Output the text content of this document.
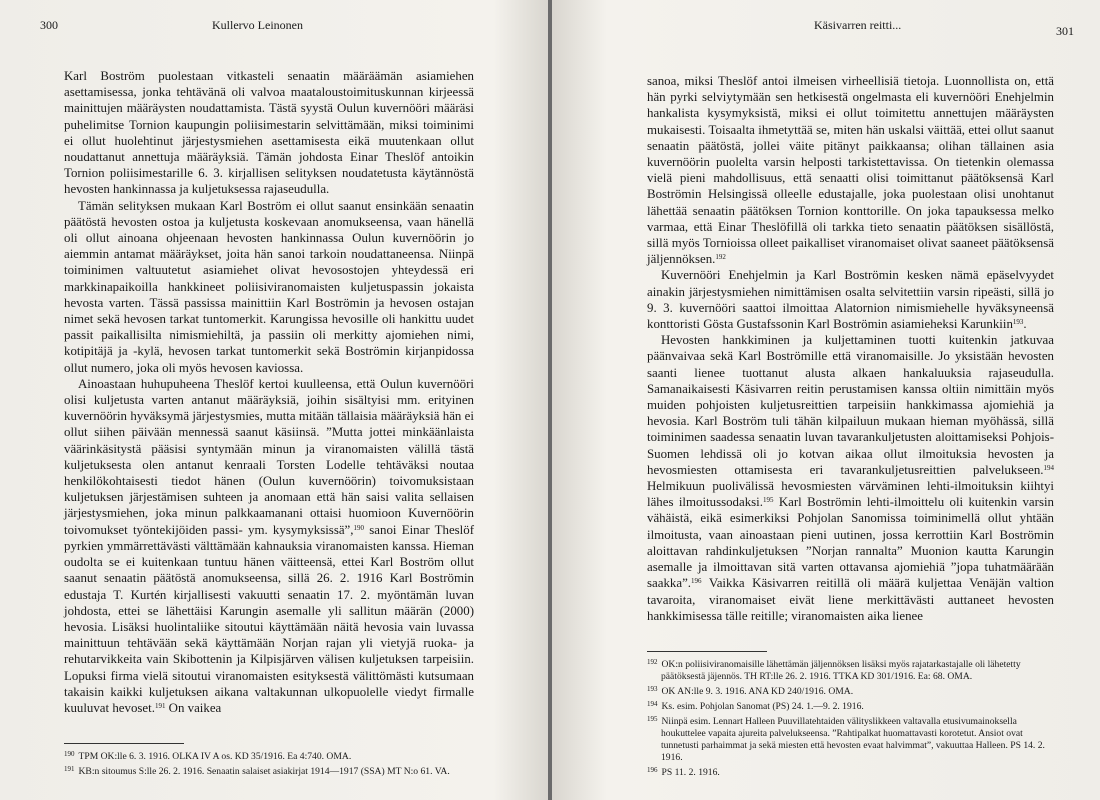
300	Kullervo Leinonen

Karl Boström puolestaan vitkasteli senaatin määräämän asiamiehen asettamisessa, jonka tehtävänä oli valvoa maataloustoimituskunnan kirjeessä mainittujen määräysten noudattamista. Tästä syystä Oulun kuvernööri määräsi puhelimitse Tornion kaupungin poliisimestarin selvittämään, miksi toiminimi ei ollut huolehtinut järjestysmiehen asettamisesta eikä muutenkaan ollut noudattanut annettuja määräyksiä. Tämän johdosta Einar Theslöf antoikin Tornion poliisimestarille 6. 3. kirjallisen selityksen noudatetusta käytännöstä hevosten hankinnassa ja kuljetuksessa rajaseudulla.

Tämän selityksen mukaan Karl Boström ei ollut saanut ensinkään senaatin päätöstä hevosten ostoa ja kuljetusta koskevaan anomukseensa, vaan hänellä oli ollut ainoana ohjeenaan hevosten hankinnassa Oulun kuvernöörin jo aiemmin antamat määräykset, joita hän sanoi tarkoin noudattaneensa. Niinpä toiminimen valtuutetut asiamiehet olivat hevosostojen yhteydessä eri markkinapaikoilla hankkineet poliisiviranomaisten kuljetuspassin jokaista hevosta varten. Tässä passissa mainittiin Karl Boströmin ja hevosen ostajan nimet sekä hevosen tarkat tuntomerkit. Karungissa hevosille oli hankittu uudet passit paikallisilta nimismiehiltä, ja passiin oli merkitty ajomiehen nimi, kotipitäjä ja -kylä, hevosen tarkat tuntomerkit sekä Boströmin kirjanpidossa ollut numero, joka oli myös hevosen kaviossa.

Ainoastaan huhupuheena Theslöf kertoi kuulleensa, että Oulun kuvernööri olisi kuljetusta varten antanut määräyksiä, joihin sisältyisi mm. erityinen kuvernöörin hyväksymä järjestysmies, mutta mitään tällaisia määräyksiä hän ei ollut siihen päivään mennessä saanut käsiinsä. ”Mutta jottei minkäänlaista väärinkäsitystä pääsisi syntymään minun ja viranomaisten välillä tästä kuljetuksesta olen antanut kenraali Torsten Lodelle tehtäväksi noutaa henkilökohtaisesti tiedot hänen (Oulun kuvernöörin) toivomuksistaan kuljetuksen järjestämisen suhteen ja anomaan että hän saisi valita sellaisen järjestysmiehen, joka minun palkkaamanani ottaisi huomioon Kuvernöörin toivomukset työntekijöiden passi- ym. kysymyksissä”,$^{190}$ sanoi Einar Theslöf pyrkien ymmärrettävästi välttämään kahnauksia viranomaisten kanssa. Hieman oudolta se ei kuitenkaan tuntuu hänen väitteensä, ettei Karl Boström ollut saanut senaatin päätöstä anomukseensa, sillä 26. 2. 1916 Karl Boströmin edustaja T. Kurtén kirjallisesti vakuutti senaatin 17. 2. myöntämän luvan johdosta, ettei se lähettäisi Karungin asemalle yli sallitun määrän (2000) hevosia. Lisäksi huolintaliike sitoutui käyttämään näitä hevosia vain luvassa mainittuun tehtävään sekä käyttämään Norjan rajan yli vietyjä ruoka- ja rehutarvikkeita vain Skibottenin ja Kilpisjärven välisen kuljetuksen tarpeisiin. Lopuksi firma vielä sitoutui viranomaisten esityksestä välittömästi kutsumaan takaisin kaikki kuljetuksen aikana valtakunnan ulkopuolelle viedyt firmalle kuuluvat hevoset.$^{191}$ On vaikea

$^{190}$ TPM OK:lle 6. 3. 1916. OLKA IV A os. KD 35/1916. Ea 4:740. OMA.

$^{191}$ KB:n sitoumus S:lle 26. 2. 1916. Senaatin salaiset asiakirjat 1914—1917 (SSA) MT N:o 61. VA.

Käsivarren reitti...	301

sanoa, miksi Theslöf antoi ilmeisen virheellisiä tietoja. Luonnollista on, että hän pyrki selviytymään sen hetkisestä ongelmasta eli kuvernööri Enehjelmin hankalista kysymyksistä, miksi ei ollut toimitettu annettujen määräysten mukaisesti. Toisaalta ihmetyttää se, miten hän uskalsi väittää, ettei ollut saanut senaatin päätöstä, jollei väite pitänyt paikkaansa; olihan tällainen asia kuvernöörin puolelta varsin helposti tarkistettavissa. On tietenkin olemassa vielä pieni mahdollisuus, että senaatti olisi toimittanut päätöksensä Karl Boströmin Helsingissä olleelle edustajalle, joka puolestaan olisi unohtanut lähettää senaatin päätöksen Tornion konttorille. On joka tapauksessa melko varmaa, että Einar Theslöfillä oli tarkka tieto senaatin päätöksen sisällöstä, sillä myös Tornioissa olleet paikalliset viranomaiset olivat saaneet päätöksensä jäljennöksen.$^{192}$

Kuvernööri Enehjelmin ja Karl Boströmin kesken nämä epäselvyydet ainakin järjestysmiehen nimittämisen osalta selvitettiin varsin ripeästi, sillä jo 9. 3. kuvernööri saattoi ilmoittaa Alatornion nimismiehelle hyväksyneensä konttoristi Gösta Gustafssonin Karl Boströmin asiamieheksi Karunkiin$^{193}$.

Hevosten hankkiminen ja kuljettaminen tuotti kuitenkin jatkuvaa päänvaivaa sekä Karl Boströmille että viranomaisille. Jo yksistään hevosten saanti lienee tuottanut alusta alkaen hankaluuksia rajaseudulla. Samanaikaisesti Käsivarren reitin perustamisen kanssa oltiin nimittäin myös muiden pohjoisten kuljetusreittien tarpeisiin hankkimassa ajomiehiä ja hevosia. Karl Boström tuli tähän kilpailuun mukaan hieman myöhässä, sillä toiminimen saadessa senaatin luvan tavarankuljetusten aloittamiseksi Pohjois-Suomen lehdissä oli jo kotvan aikaa ollut ilmoituksia hevosten ja hevosmiesten ottamisesta eri tavarankuljetusreittien palvelukseen.$^{194}$ Helmikuun puolivälissä hevosmiesten värväminen lehti-ilmoituksin kiihtyi lähes ilmoitussodaksi.$^{195}$ Karl Boströmin lehti-ilmoittelu oli kuitenkin varsin vähäistä, eikä esimerkiksi Pohjolan Sanomissa toiminimellä ollut yhtään ilmoitusta, vaan ainoastaan pieni uutinen, jossa kerrottiin Karl Boströmin aloittavan rahdinkuljetuksen ”Norjan rannalta” Muonion kautta Karungin asemalle ja ilmoittavan sitä varten ottavansa ajomiehiä ”jopa tuhatmäärään saakka”.$^{196}$ Vaikka Käsivarren reitillä oli määrä kuljettaa Venäjän valtion tavaroita, viranomaiset eivät liene merkittävästi auttaneet hevosten hankkimisessa tälle reitille; viranomaisten aika lienee

$^{192}$ OK:n poliisiviranomaisille lähettämän jäljennöksen lisäksi myös rajatarkastajalle oli lähetetty päätöksestä jäjennös. TH RT:lle 26. 2. 1916. TTKA KD 301/1916. Ea: 68. OMA.

$^{193}$ OK AN:lle 9. 3. 1916. ANA KD 240/1916. OMA.

$^{194}$ Ks. esim. Pohjolan Sanomat (PS) 24. 1.—9. 2. 1916.

$^{195}$ Niinpä esim. Lennart Halleen Puuvillatehtaiden välityslikkeen valtavalla etusivumainoksella houkuttelee vapaita ajureita palvelukseensa. ”Rahtipalkat huomattavasti korotetut. Ansiot ovat tunnetusti parhaimmat ja sekä miesten että hevosten evaat halvimmat”, vakuuttaa Halleen. PS 14. 2. 1916.

$^{196}$ PS 11. 2. 1916.
